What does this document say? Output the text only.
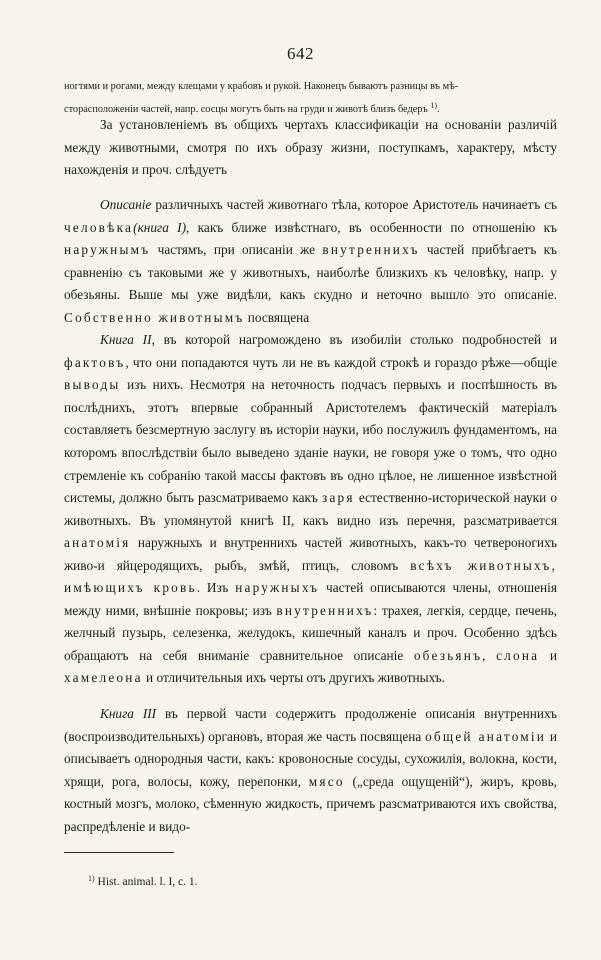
642
ногтями и рогами, между клещами у крабовъ и рукой. Наконецъ бываютъ разницы въ мѣ-
сторасположеніи частей, напр. сосцы могутъ быть на груди и животѣ близъ бедеръ $^{1)}$.

За установленіемъ въ общихъ чертахъ классификаціи на основаніи различій между животными, смотря по ихъ образу жизни, поступкамъ, характеру, мѣсту нахожденія и проч. слѣдуетъ

Описаніе различныхъ частей животнаго тѣла, которое Аристотель начинаетъ съ человѣка(книга I), какъ ближе извѣстнаго, въ особенности по отношенію къ наружнымъ частямъ, при описаніи же внутреннихъ частей прибѣгаетъ къ сравненію съ таковыми же у животныхъ, наиболѣе близкихъ къ человѣку, напр. у обезьяны. Выше мы уже видѣли, какъ скудно и неточно вышло это описаніе. Собственно животнымъ посвящена

Книга II, въ которой нагромождено въ изобиліи столько подробностей и фактовъ, что они попадаются чуть ли не въ каждой строкѣ и гораздо рѣже—общіе выводы изъ нихъ. Несмотря на неточность подчасъ первыхъ и поспѣшность въ послѣднихъ, этотъ впервые собранный Аристотелемъ фактическій матеріалъ составляетъ безсмертную заслугу въ исторіи науки, ибо послужилъ фундаментомъ, на которомъ впослѣдствіи было выведено зданіе науки, не говоря уже о томъ, что одно стремленіе къ собранію такой массы фактовъ въ одно цѣлое, не лишенное извѣстной системы, должно быть разсматриваемо какъ заря естественно-исторической науки о животныхъ. Въ упомянутой книгѣ II, какъ видно изъ перечня, разсматривается анатомія наружныхъ и внутреннихъ частей животныхъ, какъ-то четвероногихъ живо-и яйцеродящихъ, рыбъ, змѣй, птицъ, словомъ всѣхъ животныхъ, имѣющихъ кровь. Изъ наружныхъ частей описываются члены, отношенія между ними, внѣшніе покровы; изъ внутреннихъ: трахея, легкія, сердце, печень, желчный пузырь, селезенка, желудокъ, кишечный каналъ и проч. Особенно здѣсь обращаютъ на себя вниманіе сравнительное описаніе обезьянъ, слона и хамелеона и отличительныя ихъ черты отъ другихъ животныхъ.

Книга III въ первой части содержитъ продолженіе описанія внутреннихъ (воспроизводительныхъ) органовъ, вторая же часть посвящена общей анатоміи и описываетъ однородныя части, какъ: кровоносные сосуды, сухожилія, волокна, кости, хрящи, рога, волосы, кожу, перепонки, мясо („среда ощущеній“), жиръ, кровь, костный мозгъ, молоко, сѣменную жидкость, причемъ разсматриваются ихъ свойства, распредѣленіе и видо-

$^{1)}$ Hist. animal. l. I, c. 1.
